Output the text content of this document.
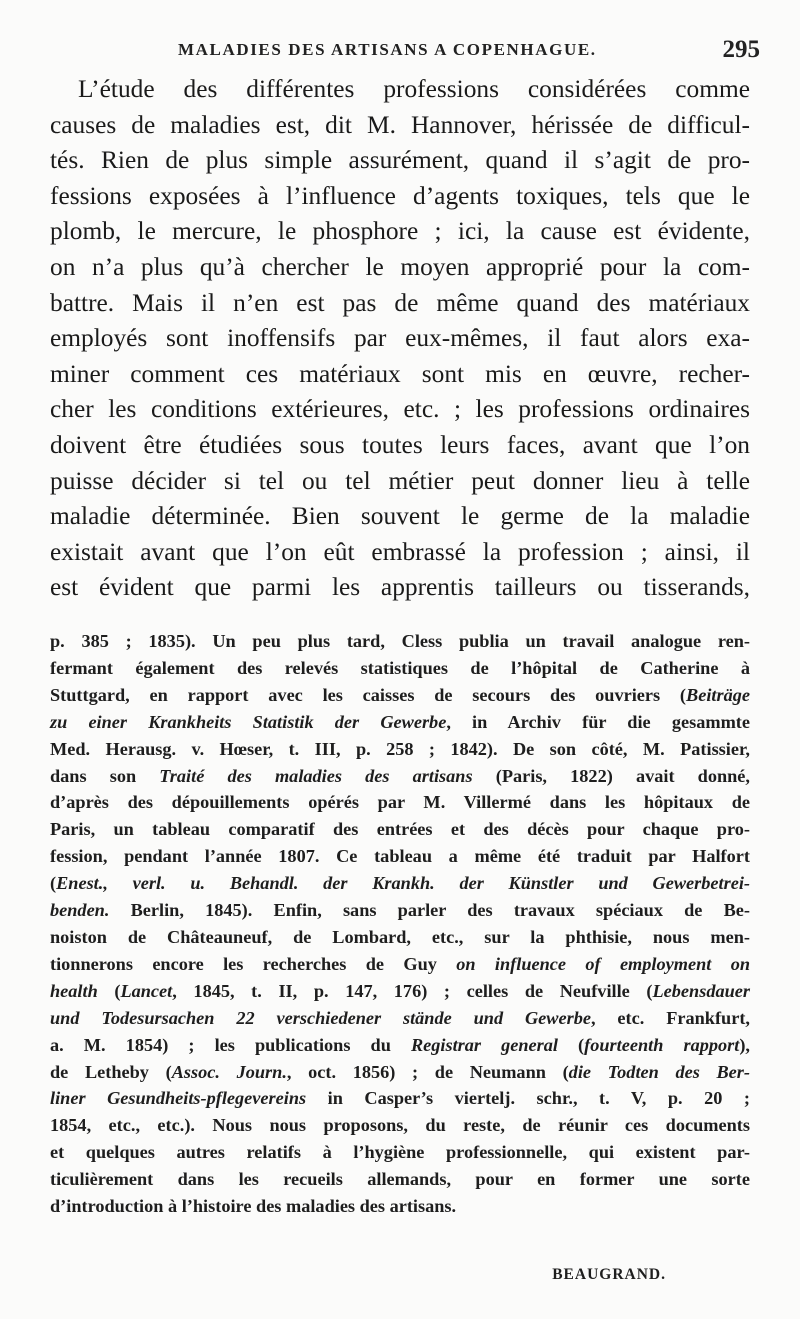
MALADIES DES ARTISANS A COPENHAGUE.	295
L’étude des différentes professions considérées comme
causes de maladies est, dit M. Hannover, hérissée de difficul-
tés. Rien de plus simple assurément, quand il s’agit de pro-
fessions exposées à l’influence d’agents toxiques, tels que le
plomb, le mercure, le phosphore ; ici, la cause est évidente,
on n’a plus qu’à chercher le moyen approprié pour la com-
battre. Mais il n’en est pas de même quand des matériaux
employés sont inoffensifs par eux-mêmes, il faut alors exa-
miner comment ces matériaux sont mis en œuvre, recher-
cher les conditions extérieures, etc. ; les professions ordinaires
doivent être étudiées sous toutes leurs faces, avant que l’on
puisse décider si tel ou tel métier peut donner lieu à telle
maladie déterminée. Bien souvent le germe de la maladie
existait avant que l’on eût embrassé la profession ; ainsi, il
est évident que parmi les apprentis tailleurs ou tisserands,
p. 385 ; 1835). Un peu plus tard, Cless publia un travail analogue ren-
fermant également des relevés statistiques de l’hôpital de Catherine à
Stuttgard, en rapport avec les caisses de secours des ouvriers (Beiträge
zu einer Krankheits Statistik der Gewerbe, in Archiv für die gesammte
Med. Herausg. v. Hœser, t. III, p. 258 ; 1842). De son côté, M. Patissier,
dans son Traité des maladies des artisans (Paris, 1822) avait donné,
d’après des dépouillements opérés par M. Villermé dans les hôpitaux de
Paris, un tableau comparatif des entrées et des décès pour chaque pro-
fession, pendant l’année 1807. Ce tableau a même été traduit par Halfort
(Enest., verl. u. Behandl. der Krankh. der Künstler und Gewerbetrei-
benden. Berlin, 1845). Enfin, sans parler des travaux spéciaux de Be-
noiston de Châteauneuf, de Lombard, etc., sur la phthisie, nous men-
tionnerons encore les recherches de Guy on influence of employment on
health (Lancet, 1845, t. II, p. 147, 176) ; celles de Neufville (Lebensdauer
und Todesursachen 22 verschiedener stände und Gewerbe, etc. Frankfurt,
a. M. 1854) ; les publications du Registrar general (fourteenth rapport),
de Letheby (Assoc. Journ., oct. 1856) ; de Neumann (die Todten des Ber-
liner Gesundheits-pflegevereins in Casper’s viertelj. schr., t. V, p. 20 ;
1854, etc., etc.). Nous nous proposons, du reste, de réunir ces documents
et quelques autres relatifs à l’hygiène professionnelle, qui existent par-
ticulièrement dans les recueils allemands, pour en former une sorte
d’introduction à l’histoire des maladies des artisans.
BEAUGRAND.
